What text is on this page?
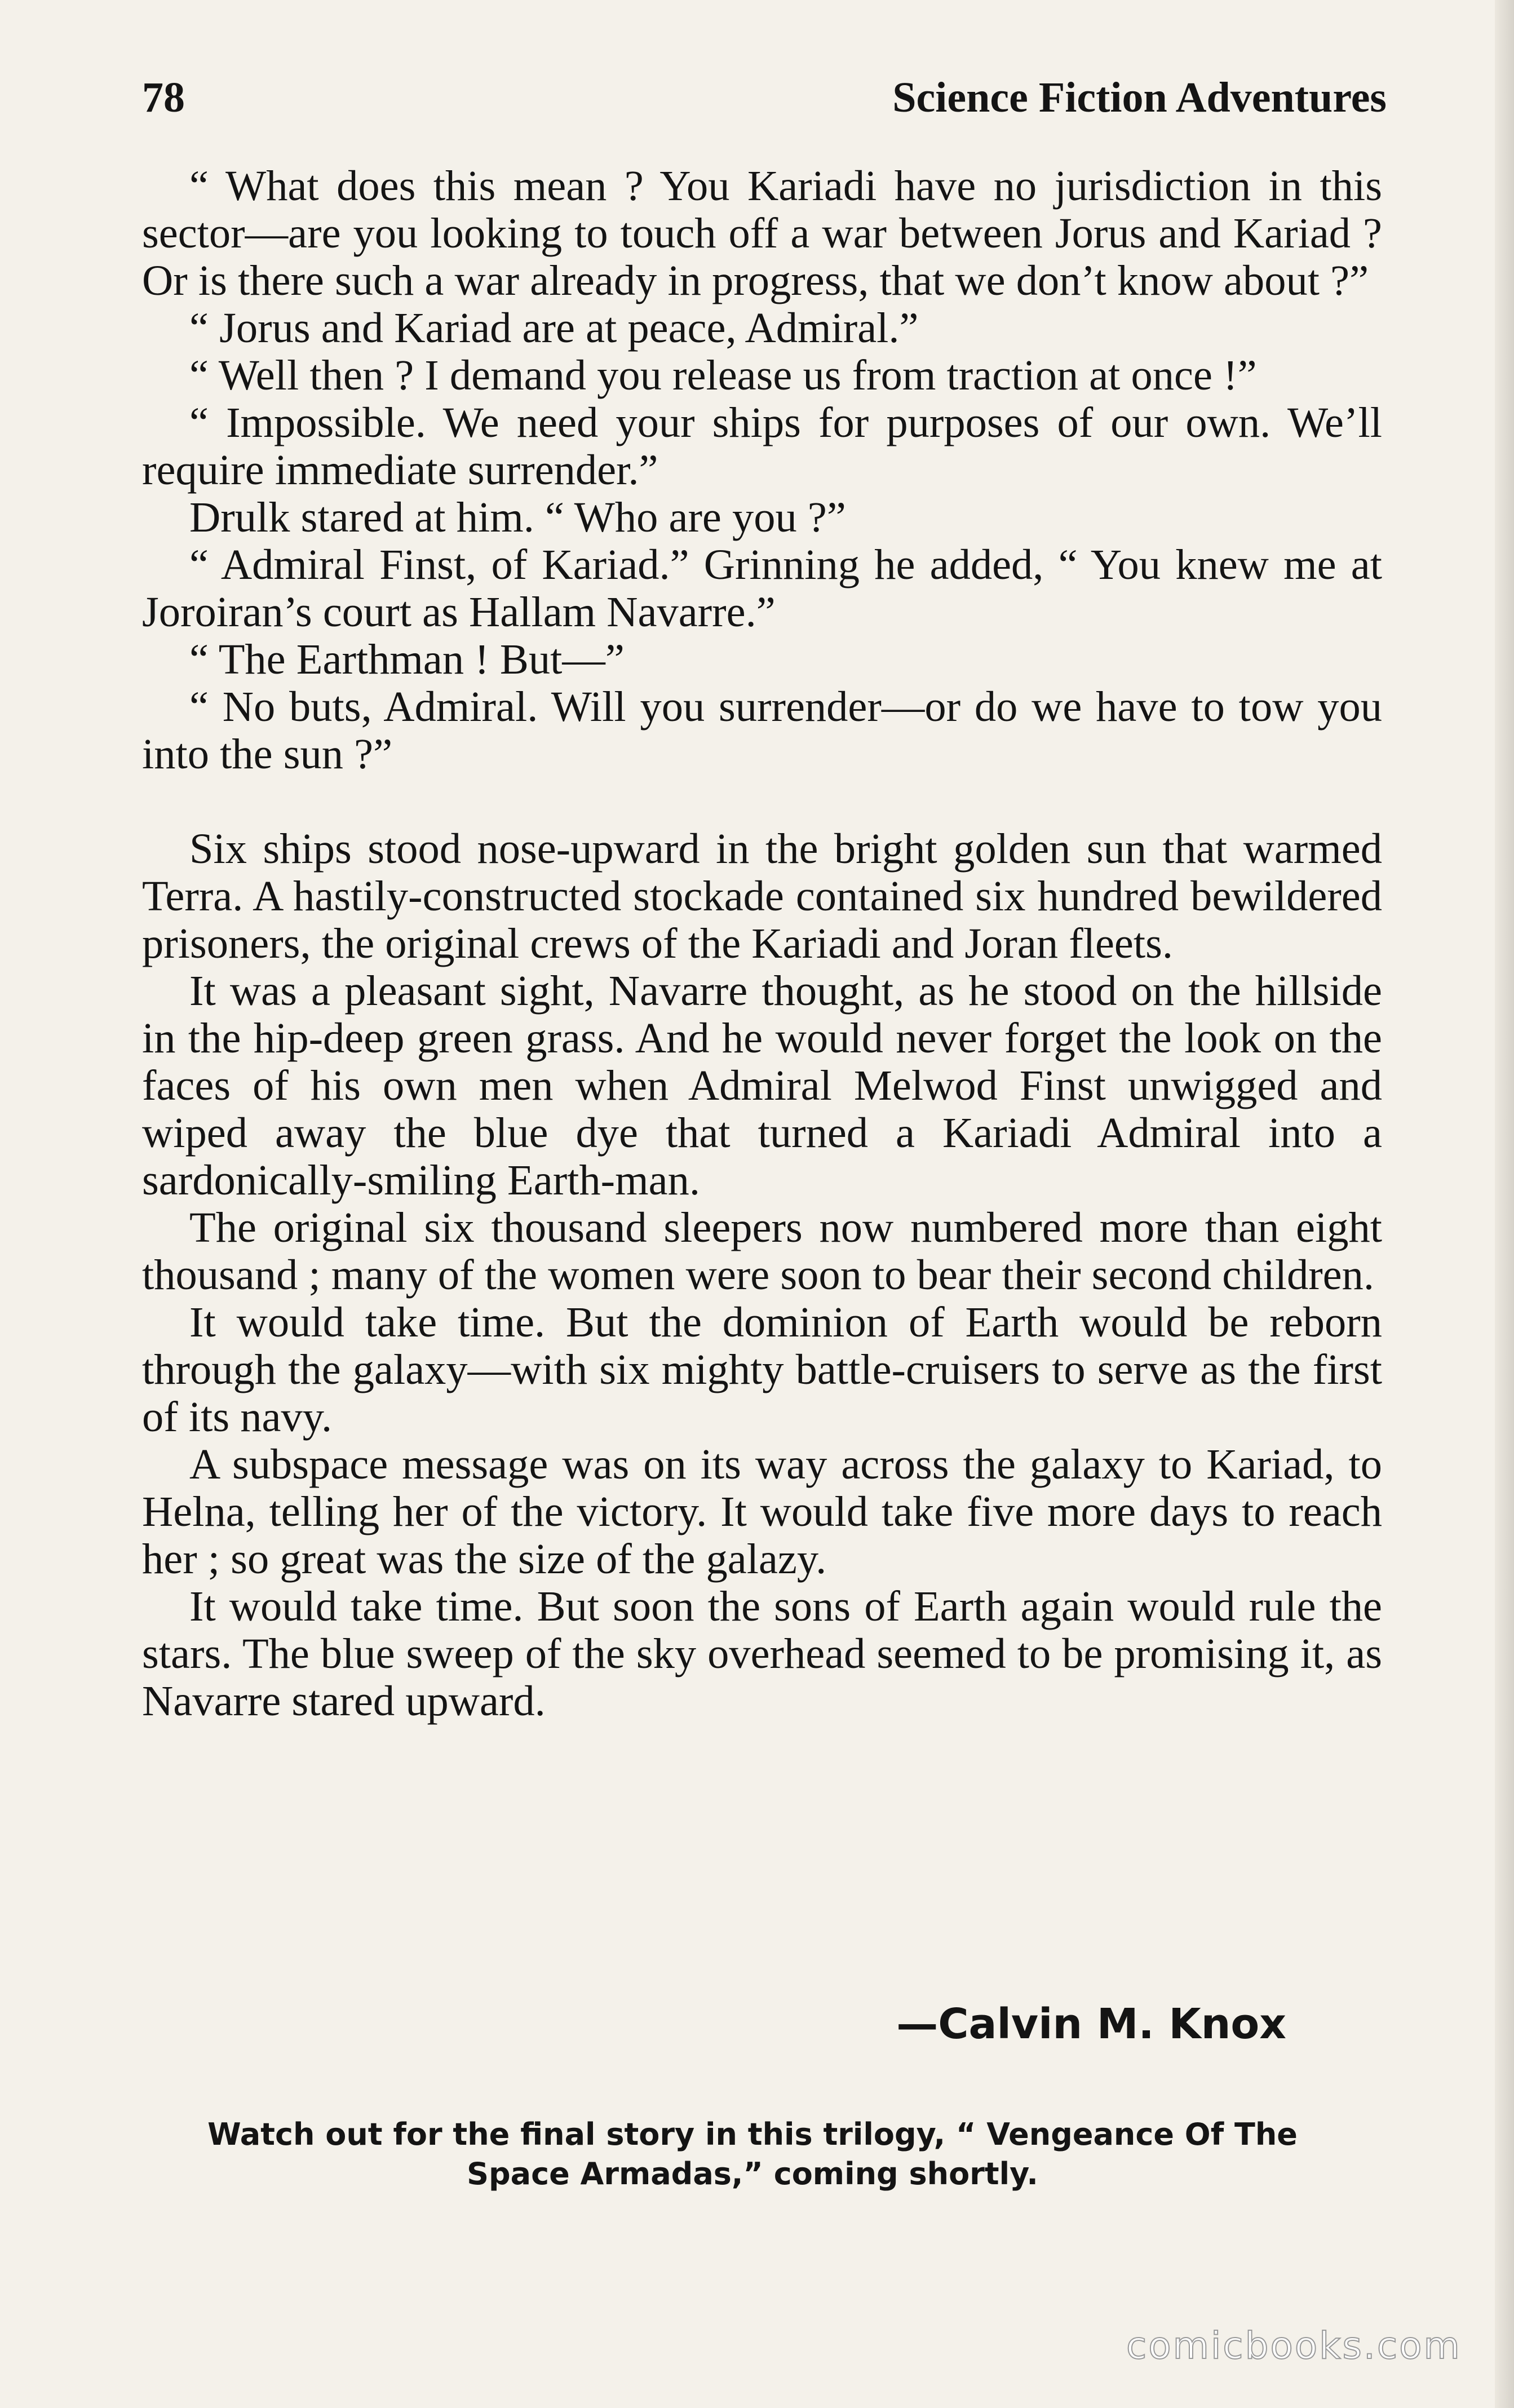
78	Science Fiction Adventures

“ What does this mean ? You Kariadi have no jurisdiction in this sector—are you looking to touch off a war between Jorus and Kariad ? Or is there such a war already in progress, that we don’t know about ?”

“ Jorus and Kariad are at peace, Admiral.”

“ Well then ? I demand you release us from traction at once !”

“ Impossible. We need your ships for purposes of our own. We’ll require immediate surrender.”

Drulk stared at him. “ Who are you ?”

“ Admiral Finst, of Kariad.” Grinning he added, “ You knew me at Joroiran’s court as Hallam Navarre.”

“ The Earthman ! But—”

“ No buts, Admiral. Will you surrender—or do we have to tow you into the sun ?”

Six ships stood nose-upward in the bright golden sun that warmed Terra. A hastily-constructed stockade contained six hundred bewildered prisoners, the original crews of the Kariadi and Joran fleets.

It was a pleasant sight, Navarre thought, as he stood on the hillside in the hip-deep green grass. And he would never forget the look on the faces of his own men when Admiral Melwod Finst unwigged and wiped away the blue dye that turned a Kariadi Admiral into a sardonically-smiling Earth-man.

The original six thousand sleepers now numbered more than eight thousand ; many of the women were soon to bear their second children.

It would take time. But the dominion of Earth would be reborn through the galaxy—with six mighty battle-cruisers to serve as the first of its navy.

A subspace message was on its way across the galaxy to Kariad, to Helna, telling her of the victory. It would take five more days to reach her ; so great was the size of the galazy.

It would take time. But soon the sons of Earth again would rule the stars. The blue sweep of the sky overhead seemed to be promising it, as Navarre stared upward.

—Calvin M. Knox
Watch out for the final story in this trilogy, “ Vengeance Of The
Space Armadas,” coming shortly.
comicbooks.com
